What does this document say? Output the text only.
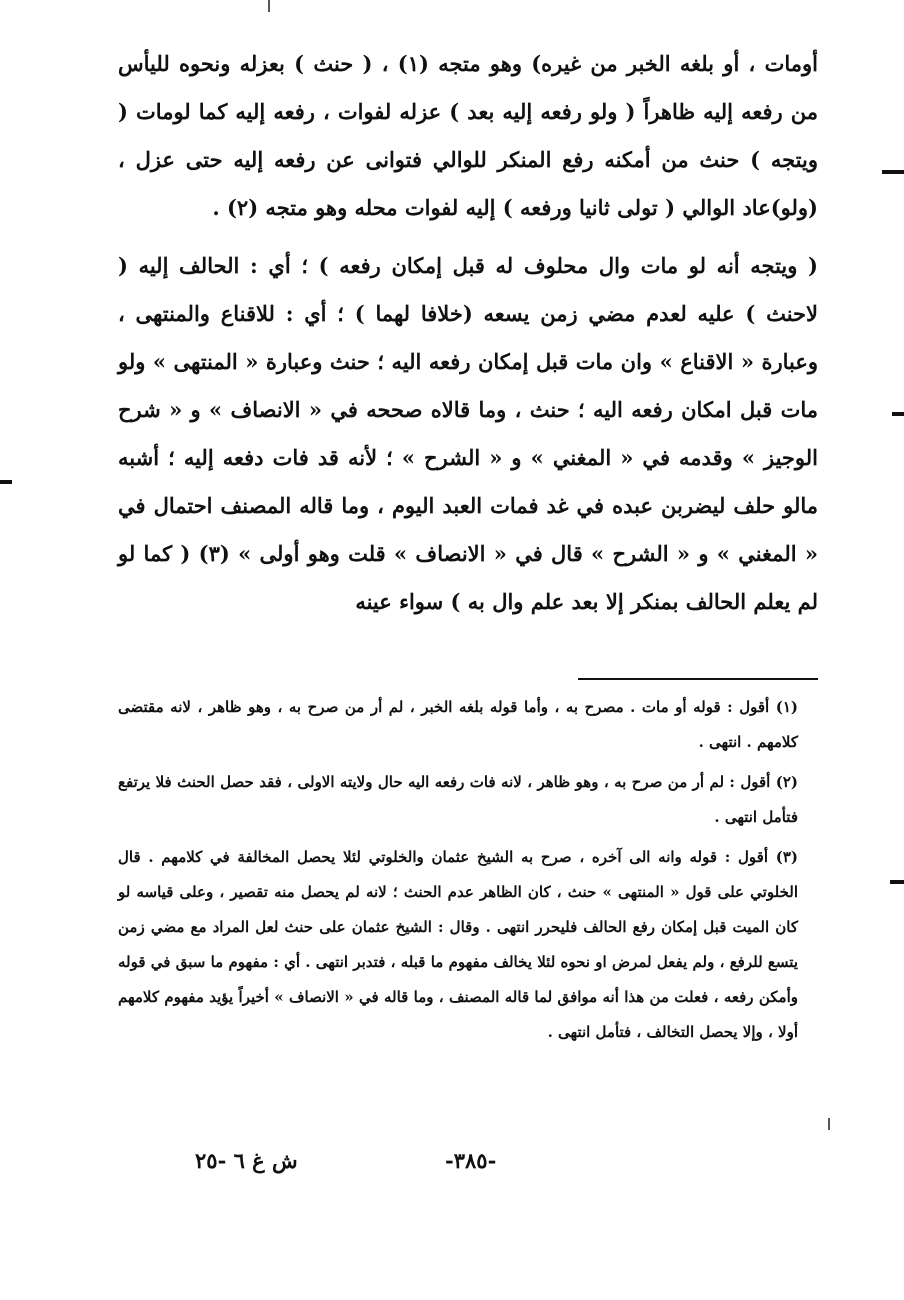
أومات ، أو بلغه الخبر من غيره) وهو متجه (١) ، ( حنث ) بعزله ونحوه لليأس من رفعه إليه ظاهراً ( ولو رفعه إليه بعد ) عزله لفوات ، رفعه إليه كما لومات ( ويتجه ) حنث من أمكنه رفع المنكر للوالي فتوانى عن رفعه إليه حتى عزل ، (ولو)عاد الوالي ( تولى ثانيا ورفعه ) إليه لفوات محله وهو متجه (٢) .

( ويتجه أنه لو مات وال محلوف له قبل إمكان رفعه ) ؛ أي : الحالف إليه ( لاحنث ) عليه لعدم مضي زمن يسعه (خلافا لهما ) ؛ أي : للاقناع والمنتهى ، وعبارة « الاقناع » وان مات قبل إمكان رفعه اليه ؛ حنث وعبارة « المنتهى » ولو مات قبل امكان رفعه اليه ؛ حنث ، وما قالاه صححه في « الانصاف » و « شرح الوجيز » وقدمه في « المغني » و « الشرح » ؛ لأنه قد فات دفعه إليه ؛ أشبه مالو حلف ليضربن عبده في غد فمات العبد اليوم ، وما قاله المصنف احتمال في « المغني » و « الشرح » قال في « الانصاف » قلت وهو أولى » (٣) ( كما لو لم يعلم الحالف بمنكر إلا بعد علم وال به ) سواء عينه

(١) أقول : قوله أو مات . مصرح به ، وأما قوله بلغه الخبر ، لم أر من صرح به ، وهو ظاهر ، لانه مقتضى كلامهم . انتهى .

(٢) أقول : لم أر من صرح به ، وهو ظاهر ، لانه فات رفعه اليه حال ولايته الاولى ، فقد حصل الحنث فلا يرتفع فتأمل انتهى .

(٣) أقول : قوله وانه الى آخره ، صرح به الشيخ عثمان والخلوتي لئلا يحصل المخالفة في كلامهم . قال الخلوتي على قول « المنتهى » حنث ، كان الظاهر عدم الحنث ؛ لانه لم يحصل منه تقصير ، وعلى قياسه لو كان الميت قبل إمكان رفع الحالف فليحرر انتهى . وقال : الشيخ عثمان على حنث لعل المراد مع مضي زمن يتسع للرفع ، ولم يفعل لمرض او نحوه لئلا يخالف مفهوم ما قبله ، فتدبر انتهى . أي : مفهوم ما سبق في قوله وأمكن رفعه ، فعلت من هذا أنه موافق لما قاله المصنف ، وما قاله في « الانصاف » أخيراً يؤيد مفهوم كلامهم أولا ، وإلا يحصل التخالف ، فتأمل انتهى .

-٣٨٥-
ش غ ٦ -٢٥
